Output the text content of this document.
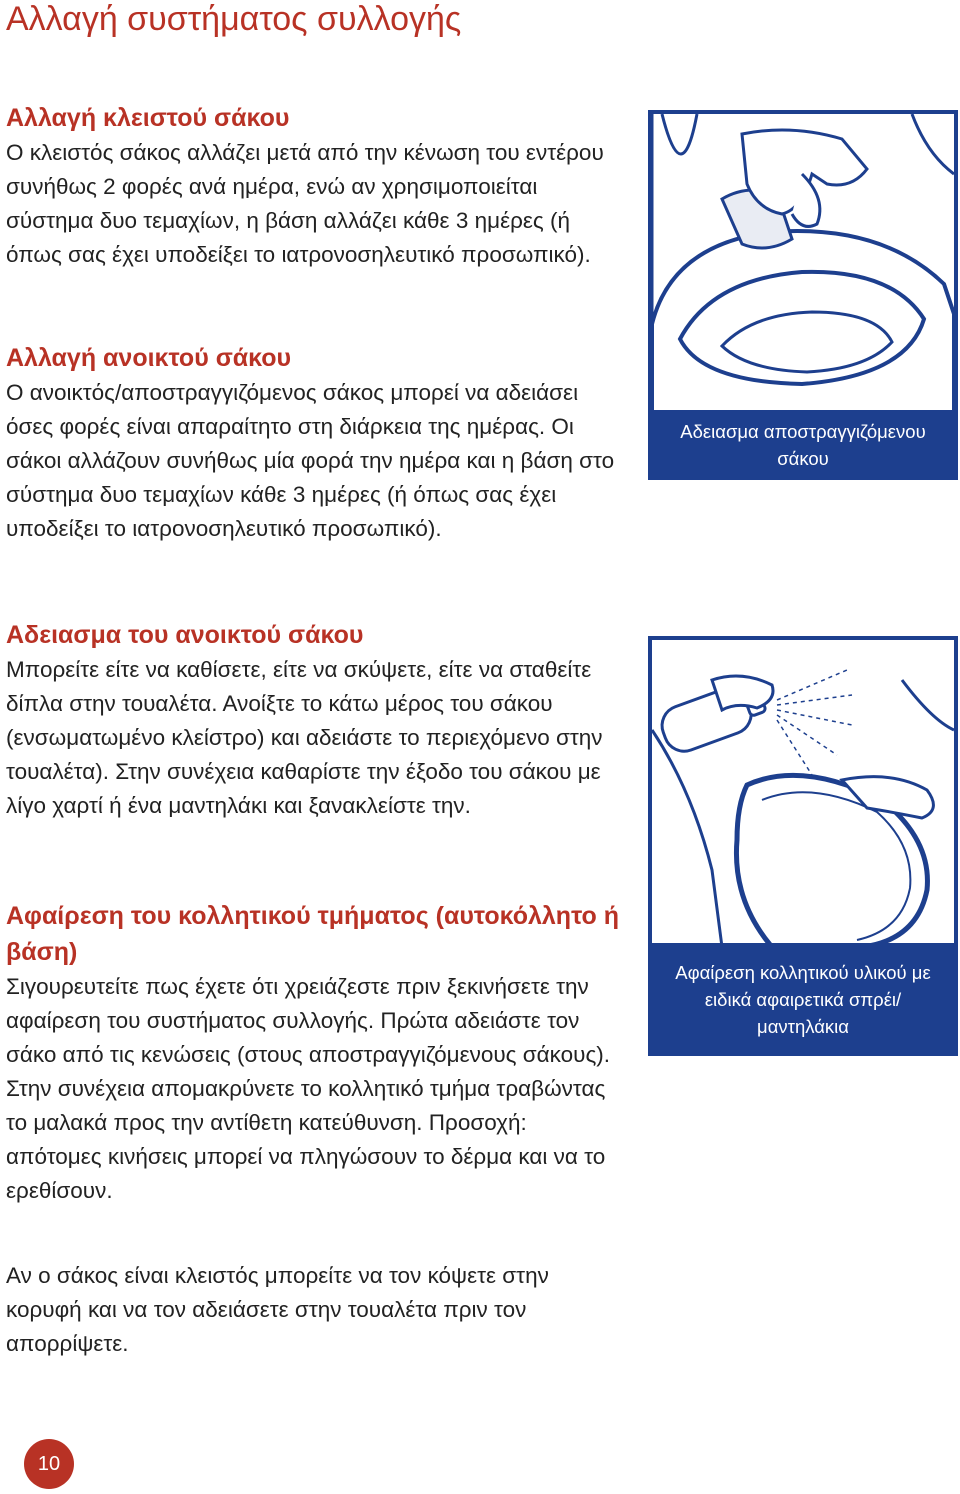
Αλλαγή συστήματος συλλογής
Αλλαγή κλειστού σάκου

Ο κλειστός σάκος αλλάζει μετά από την κένωση του εντέρου συνήθως 2 φορές ανά ημέρα, ενώ αν χρησιμοποιείται σύστημα δυο τεμαχίων, η βάση αλλάζει κάθε 3 ημέρες (ή όπως σας έχει υποδείξει το ιατρονοσηλευτικό προσωπικό).

Αλλαγή ανοικτού σάκου

Ο ανοικτός/αποστραγγιζόμενος σάκος μπορεί να αδειάσει όσες φορές είναι απαραίτητο στη διάρκεια της ημέρας. Οι σάκοι αλλάζουν συνήθως μία φορά την ημέρα και η βάση στο σύστημα δυο τεμαχίων κάθε 3 ημέρες (ή όπως σας έχει υποδείξει το ιατρονοσηλευτικό προσωπικό).

Αδειασμα του ανοικτού σάκου

Μπορείτε είτε να καθίσετε, είτε να σκύψετε, είτε να σταθείτε δίπλα στην τουαλέτα. Ανοίξτε το κάτω μέρος του σάκου (ενσωματωμένο κλείστρο) και αδειάστε το περιεχόμενο στην τουαλέτα). Στην συνέχεια καθαρίστε την έξοδο του σάκου με λίγο χαρτί ή ένα μαντηλάκι και ξανακλείστε την.

Αφαίρεση του κολλητικού τμήματος (αυτοκόλλητο ή βάση)

Σιγουρευτείτε πως έχετε ότι χρειάζεστε πριν ξεκινήσετε την αφαίρεση του συστήματος συλλογής. Πρώτα αδειάστε τον σάκο από τις κενώσεις (στους αποστραγγιζόμενους σάκους). Στην συνέχεια απομακρύνετε το κολλητικό τμήμα τραβώντας το μαλακά προς την αντίθετη κατεύθυνση. Προσοχή: απότομες κινήσεις μπορεί να πληγώσουν το δέρμα και να το ερεθίσουν.

Αν ο σάκος είναι κλειστός μπορείτε να τον κόψετε στην κορυφή και να τον αδειάσετε στην τουαλέτα πριν τον απορρίψετε.

Αδειασμα αποστραγγιζόμενου σάκου
Αφαίρεση κολλητικού υλικού με ειδικά αφαιρετικά σπρέι/ μαντηλάκια
10
